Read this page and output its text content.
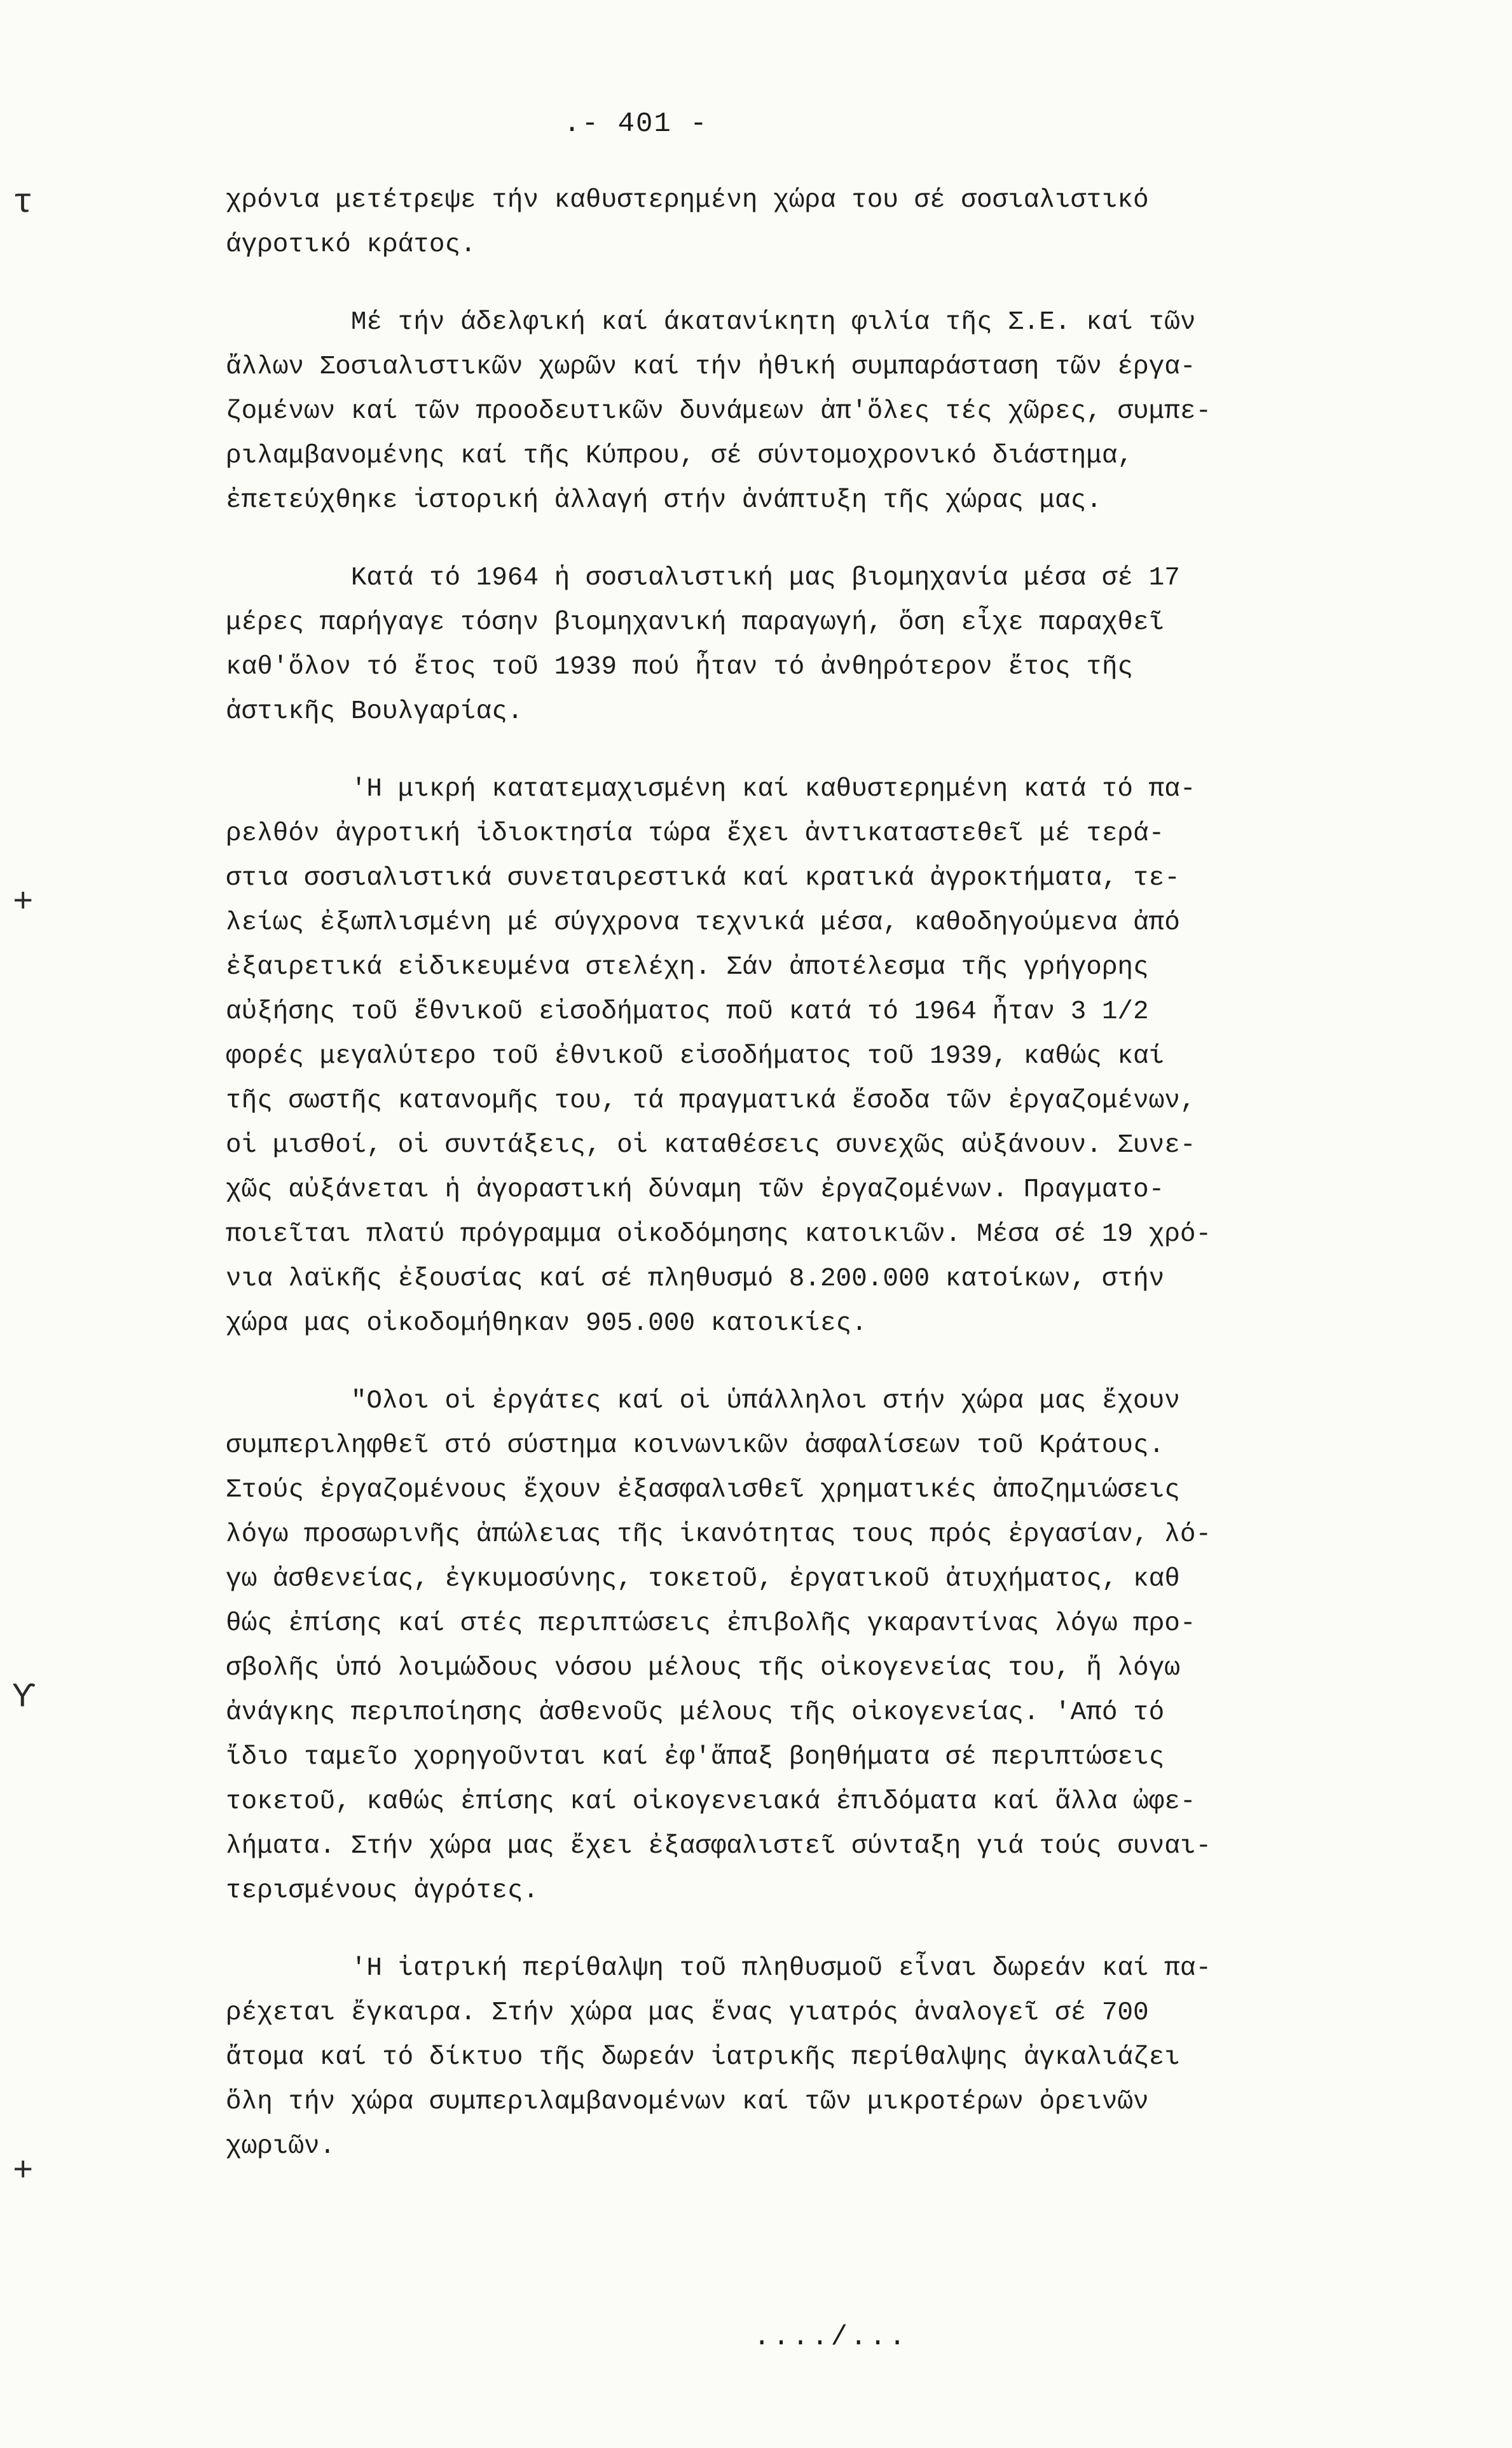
τ
+
ϒ
+
.- 401 -

χρόνια μετέτρεψε τήν καθυστερημένη χώρα του σέ σοσιαλιστικό
άγροτικό κράτος.

Μέ τήν άδελφική καί άκατανίκητη φιλία τῆς Σ.Ε. καί τῶν
ἄλλων Σοσιαλιστικῶν χωρῶν καί τήν ἠθική συμπαράσταση τῶν έργα-
ζομένων καί τῶν προοδευτικῶν δυνάμεων ἀπ'ὅλες τές χῶρες, συμπε-
ριλαμβανομένης καί τῆς Κύπρου, σέ σύντομοχρονικό διάστημα,
ἐπετεύχθηκε ἱστορική ἀλλαγή στήν ἀνάπτυξη τῆς χώρας μας.

Κατά τό 1964 ἡ σοσιαλιστική μας βιομηχανία μέσα σέ 17
μέρες παρήγαγε τόσην βιομηχανική παραγωγή, ὅση εἶχε παραχθεῖ
καθ'ὅλον τό ἔτος τοῦ 1939 πού ἦταν τό ἀνθηρότερον ἔτος τῆς
ἀστικῆς Βουλγαρίας.

'Η μικρή κατατεμαχισμένη καί καθυστερημένη κατά τό πα-
ρελθόν ἀγροτική ἰδιοκτησία τώρα ἔχει ἀντικαταστεθεῖ μέ τερά-
στια σοσιαλιστικά συνεταιρεστικά καί κρατικά ἀγροκτήματα, τε-
λείως ἐξωπλισμένη μέ σύγχρονα τεχνικά μέσα, καθοδηγούμενα ἀπό
ἐξαιρετικά εἰδικευμένα στελέχη. Σάν ἀποτέλεσμα τῆς γρήγορης
αὐξήσης τοῦ ἔθνικοῦ εἰσοδήματος ποῦ κατά τό 1964 ἦταν 3 1/2
φορές μεγαλύτερο τοῦ ἐθνικοῦ εἰσοδήματος τοῦ 1939, καθώς καί
τῆς σωστῆς κατανομῆς του, τά πραγματικά ἔσοδα τῶν ἐργαζομένων,
οἱ μισθοί, οἱ συντάξεις, οἱ καταθέσεις συνεχῶς αὐξάνουν. Συνε-
χῶς αὐξάνεται ἡ ἀγοραστική δύναμη τῶν ἐργαζομένων. Πραγματο-
ποιεῖται πλατύ πρόγραμμα οἰκοδόμησης κατοικιῶν. Μέσα σέ 19 χρό-
νια λαϊκῆς ἐξουσίας καί σέ πληθυσμό 8.200.000 κατοίκων, στήν
χώρα μας οἰκοδομήθηκαν 905.000 κατοικίες.

"Ολοι οἱ ἐργάτες καί οἱ ὑπάλληλοι στήν χώρα μας ἔχουν
συμπεριληφθεῖ στό σύστημα κοινωνικῶν ἀσφαλίσεων τοῦ Κράτους.
Στούς ἐργαζομένους ἔχουν ἐξασφαλισθεῖ χρηματικές ἀποζημιώσεις
λόγω προσωρινῆς ἀπώλειας τῆς ἱκανότητας τους πρός ἐργασίαν, λό-
γω ἀσθενείας, ἐγκυμοσύνης, τοκετοῦ, ἐργατικοῦ ἀτυχήματος, καθ
θώς ἐπίσης καί στές περιπτώσεις ἐπιβολῆς γκαραντίνας λόγω προ-
σβολῆς ὑπό λοιμώδους νόσου μέλους τῆς οἰκογενείας του, ἤ λόγω
ἀνάγκης περιποίησης ἀσθενοῦς μέλους τῆς οἰκογενείας. 'Από τό
ἴδιο ταμεῖο χορηγοῦνται καί ἐφ'ἅπαξ βοηθήματα σέ περιπτώσεις
τοκετοῦ, καθώς ἐπίσης καί οἰκογενειακά ἐπιδόματα καί ἄλλα ὠφε-
λήματα. Στήν χώρα μας ἔχει ἐξασφαλιστεῖ σύνταξη γιά τούς συναι-
τερισμένους ἀγρότες.

'Η ἰατρική περίθαλψη τοῦ πληθυσμοῦ εἶναι δωρεάν καί πα-
ρέχεται ἔγκαιρα. Στήν χώρα μας ἕνας γιατρός ἀναλογεῖ σέ 700
ἄτομα καί τό δίκτυο τῆς δωρεάν ἰατρικῆς περίθαλψης ἀγκαλιάζει
ὅλη τήν χώρα συμπεριλαμβανομένων καί τῶν μικροτέρων ὀρεινῶν
χωριῶν.

..../...
